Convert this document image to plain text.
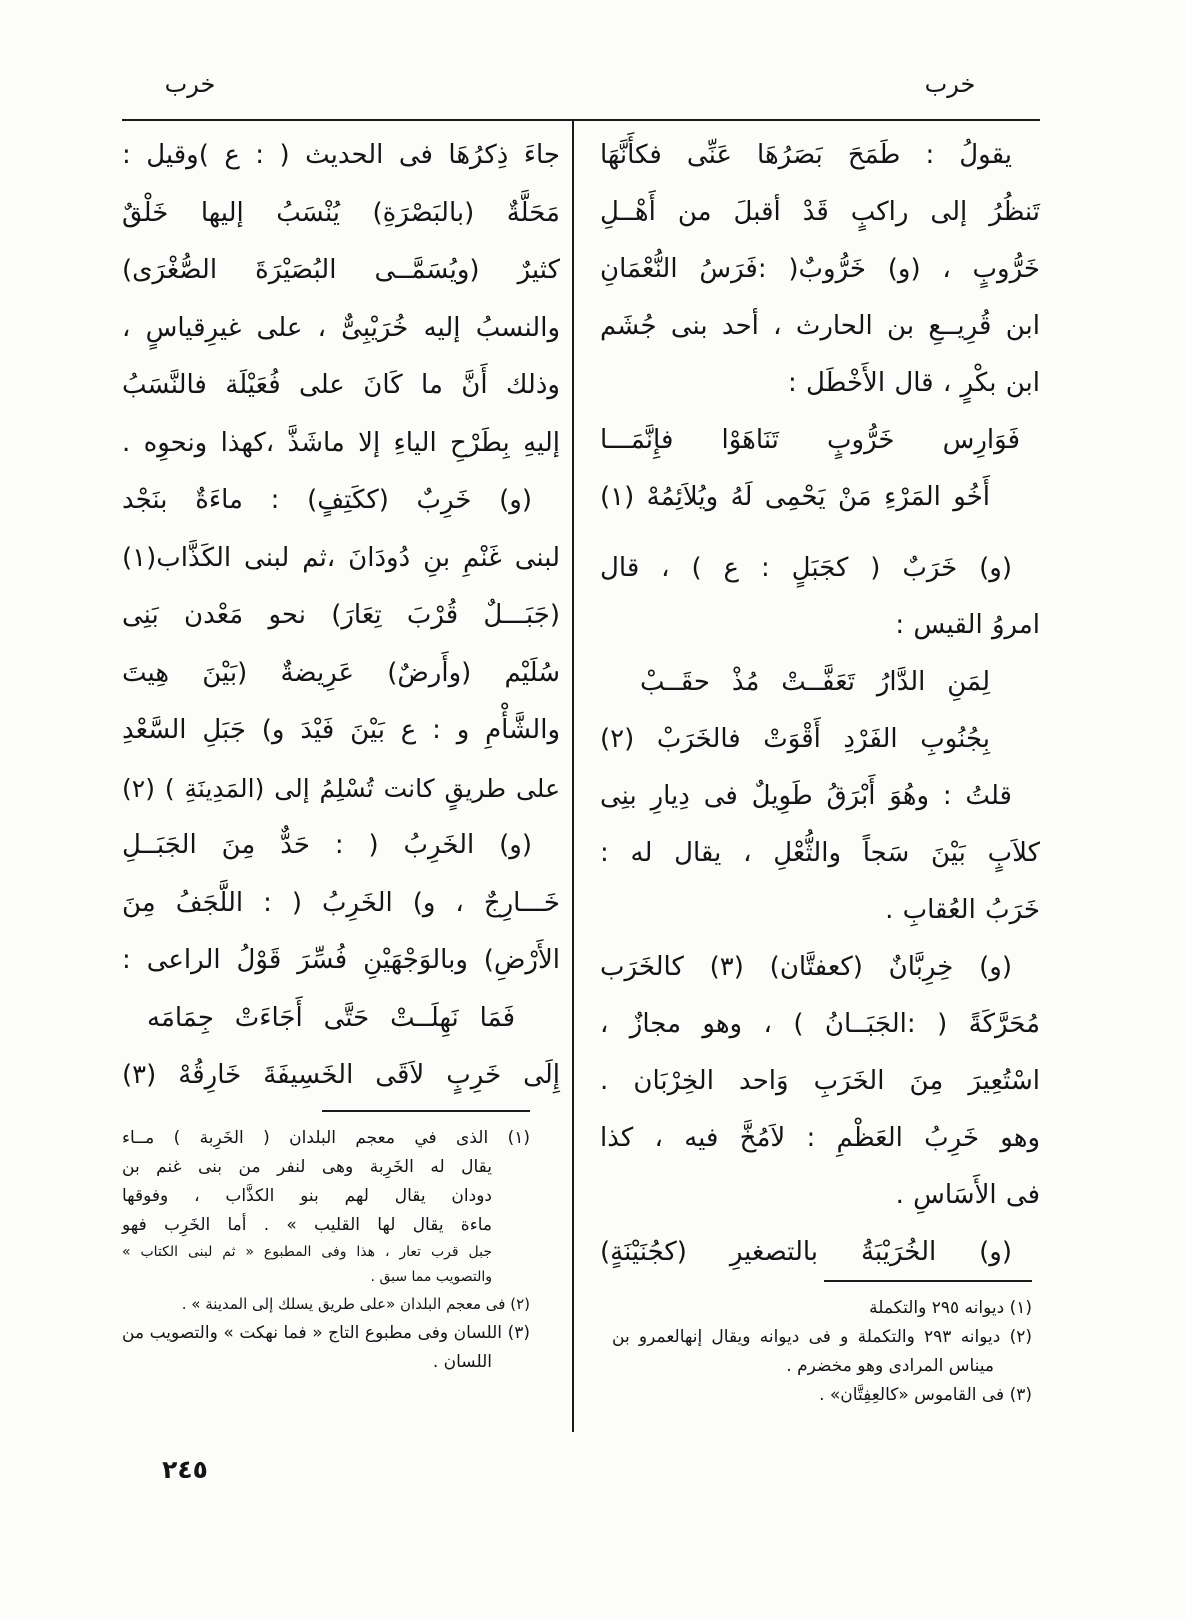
خرب
خرب
يقولُ : طَمَحَ بَصَرُهَا عَنِّى فكأَنَّهَا
تَنظُرُ إلى راكبٍ قَدْ أقبلَ من أَهْــلِ
خَرُّوبٍ ، (و) خَرُّوبٌ( :فَرَسُ النُّعْمَانِ
ابن قُرِيــعِ بن الحارث ، أحد بنى جُشَم
ابن بكْرٍ ، قال الأَخْطَل :
فَوَارِس خَرُّوبٍ تَنَاهَوْا فإِنَّمَـــا
أَخُو المَرْءِ مَنْ يَحْمِى لَهُ ويُلاَئِمُهْ (١)
(و) خَرَبٌ ( كجَبَلٍ : ع ) ، قال
امروُ القيس :
لِمَنِ الدَّارُ تَعَفَّــتْ مُذْ حقَــبْ
بِجُنُوبِ الفَرْدِ أَقْوَتْ فالخَرَبْ (٢)
قلتُ : وهُوَ أَبْرَقُ طَوِيلٌ فى دِيارِ بنِى
كلاَبٍ بَيْنَ سَجاً والثُّعْلِ ، يقال له :
خَرَبُ العُقابِ .
(و) خِرِبَّانٌ (كعفتَّان) (٣) كالخَرَب
مُحَرَّكَةً ( :الجَبَــانُ ) ، وهو مجازٌ ،
اسْتُعِيرَ مِنَ الخَرَبِ وَاحد الخِرْبَان .
وهو خَرِبُ العَظْمِ : لاَمُخَّ فيه ، كذا
فى الأَسَاسِ .
(و) الخُرَيْبَةُ بالتصغيرِ (كجُنَيْنَةٍ)
جاءَ ذِكرُهَا فى الحديث ( : ع )وقيل :
مَحَلَّةٌ (بالبَصْرَةِ) يُنْسَبُ إليها خَلْقٌ
كثيرٌ (ويُسَمَّــى البُصَيْرَةَ الصُّغْرَى)
والنسبُ إليه خُرَيْبِىٌّ ، على غيرِقياسٍ ،
وذلك أَنَّ ما كَانَ على فُعَيْلَة فالنَّسَبُ
إليهِ بِطَرْحِ الياءِ إلا ماشَذَّ ،كهذا ونحوِه .
(و) خَرِبٌ (ككَتِفٍ) : ماءَةٌ بنَجْد
لبنى غَنْمِ بنِ دُودَانَ ،ثم لبنى الكَذَّاب(١)
(جَبَـــلٌ قُرْبَ تِعَارَ) نحو مَعْدن بَنِى
سُلَيْم (وأَرضٌ) عَرِيضةٌ (بَيْنَ هِيتَ
والشَّأْمِ و : ع بَيْنَ فَيْدَ و) جَبَلِ السَّعْدِ
على طريقٍ كانت تُسْلِمُ إلى (المَدِينَةِ ) (٢)
(و) الخَرِبُ ( : حَدٌّ مِنَ الجَبَــلِ
خَـــارِجٌ ، و) الخَرِبُ ( : اللَّجَفُ مِنَ
الأَرْضِ) وبالوَجْهَيْنِ فُسِّرَ قَوْلُ الراعى :
فَمَا نَهِلَــتْ حَتَّى أَجَاءَتْ جِمَامَه
إِلَى خَرِبٍ لاَقَى الخَسِيفَةَ خَارِقُهْ (٣)
(١) ديوانه ٢٩٥ والتكملة
(٢) ديوانه ٢٩٣ والتكملة و فى ديوانه ويقال إنهالعمرو بن
ميناس المرادى وهو مخضرم .
(٣) فى القاموس «كالعِفِتَّان» .
(١) الذى في معجم البلدان ( الخَرِبة ) مــاء
يقال له الخَرِبة وهى لنفر من بنى غنم بن
دودان يقال لهم بنو الكذَّاب ، وفوقها
ماءة يقال لها القليب » . أما الخَرِب فهو
جبل قرب تعار ، هذا وفى المطبوع « ثم لبنى الكتاب »
والتصويب مما سبق .
(٢) فى معجم البلدان «على طريق يسلك إلى المدينة » .
(٣) اللسان وفى مطبوع التاج « فما نهكت » والتصويب من
اللسان .
٢٤٥
